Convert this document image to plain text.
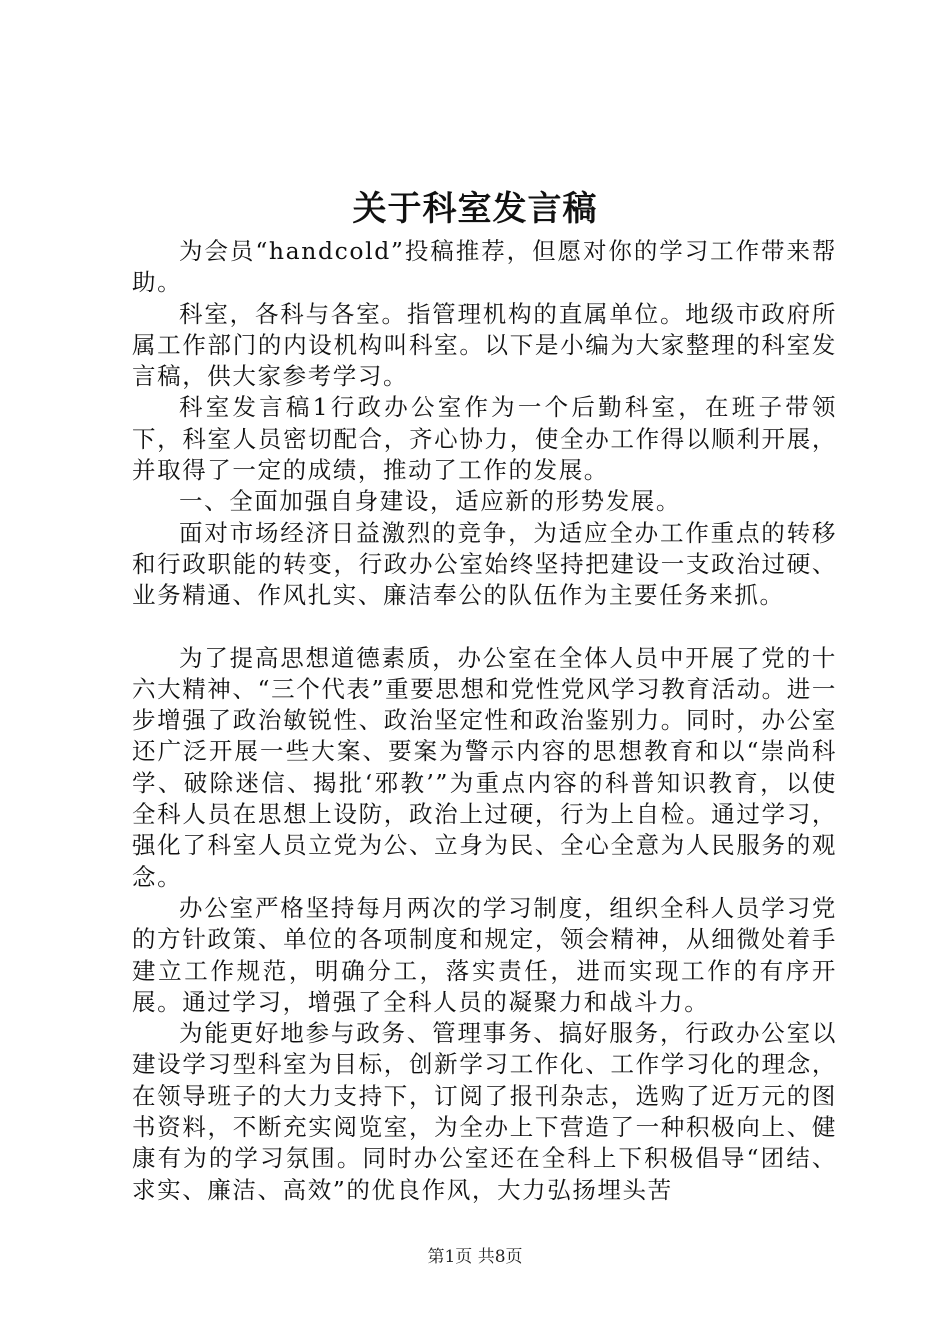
关于科室发言稿

为会员“handcold”投稿推荐，但愿对你的学习工作带来帮助。

科室，各科与各室。指管理机构的直属单位。地级市政府所属工作部门的内设机构叫科室。以下是小编为大家整理的科室发言稿，供大家参考学习。

科室发言稿1行政办公室作为一个后勤科室，在班子带领下，科室人员密切配合，齐心协力，使全办工作得以顺利开展，并取得了一定的成绩，推动了工作的发展。

一、全面加强自身建设，适应新的形势发展。

面对市场经济日益激烈的竞争，为适应全办工作重点的转移和行政职能的转变，行政办公室始终坚持把建设一支政治过硬、业务精通、作风扎实、廉洁奉公的队伍作为主要任务来抓。

为了提高思想道德素质，办公室在全体人员中开展了党的十六大精神、“三个代表”重要思想和党性党风学习教育活动。进一步增强了政治敏锐性、政治坚定性和政治鉴别力。同时，办公室还广泛开展一些大案、要案为警示内容的思想教育和以“崇尚科学、破除迷信、揭批‘邪教’”为重点内容的科普知识教育，以使全科人员在思想上设防，政治上过硬，行为上自检。通过学习，强化了科室人员立党为公、立身为民、全心全意为人民服务的观念。

办公室严格坚持每月两次的学习制度，组织全科人员学习党的方针政策、单位的各项制度和规定，领会精神，从细微处着手建立工作规范，明确分工，落实责任，进而实现工作的有序开展。通过学习，增强了全科人员的凝聚力和战斗力。

为能更好地参与政务、管理事务、搞好服务，行政办公室以建设学习型科室为目标，创新学习工作化、工作学习化的理念，在领导班子的大力支持下，订阅了报刊杂志，选购了近万元的图书资料，不断充实阅览室，为全办上下营造了一种积极向上、健康有为的学习氛围。同时办公室还在全科上下积极倡导“团结、求实、廉洁、高效”的优良作风，大力弘扬埋头苦

第1页 共8页
